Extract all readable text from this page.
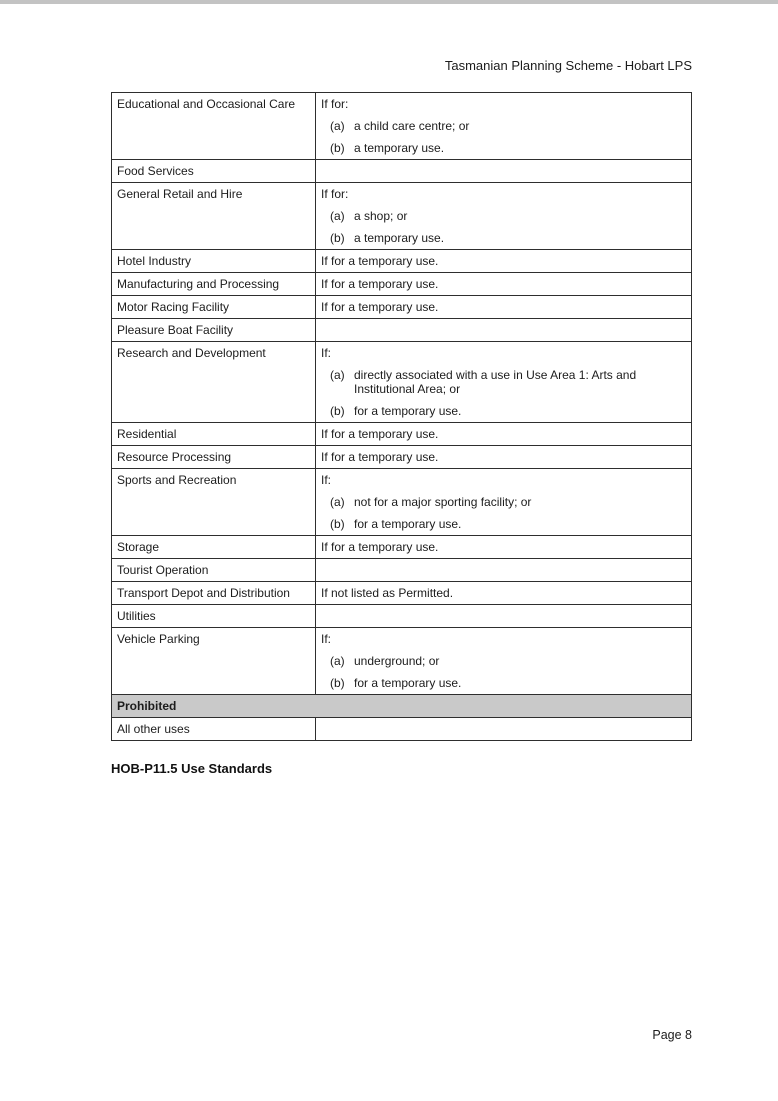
Tasmanian Planning Scheme - Hobart LPS
Educational and Occasional Care	If for:
(a) a child care centre; or
(b) a temporary use.
Food Services
General Retail and Hire	If for:
(a) a shop; or
(b) a temporary use.
Hotel Industry	If for a temporary use.
Manufacturing and Processing	If for a temporary use.
Motor Racing Facility	If for a temporary use.
Pleasure Boat Facility
Research and Development	If:
(a) directly associated with a use in Use Area 1: Arts and Institutional Area; or
(b) for a temporary use.
Residential	If for a temporary use.
Resource Processing	If for a temporary use.
Sports and Recreation	If:
(a) not for a major sporting facility; or
(b) for a temporary use.
Storage	If for a temporary use.
Tourist Operation
Transport Depot and Distribution	If not listed as Permitted.
Utilities
Vehicle Parking	If:
(a) underground; or
(b) for a temporary use.
Prohibited
All other uses
HOB-P11.5 Use Standards
Page 8
